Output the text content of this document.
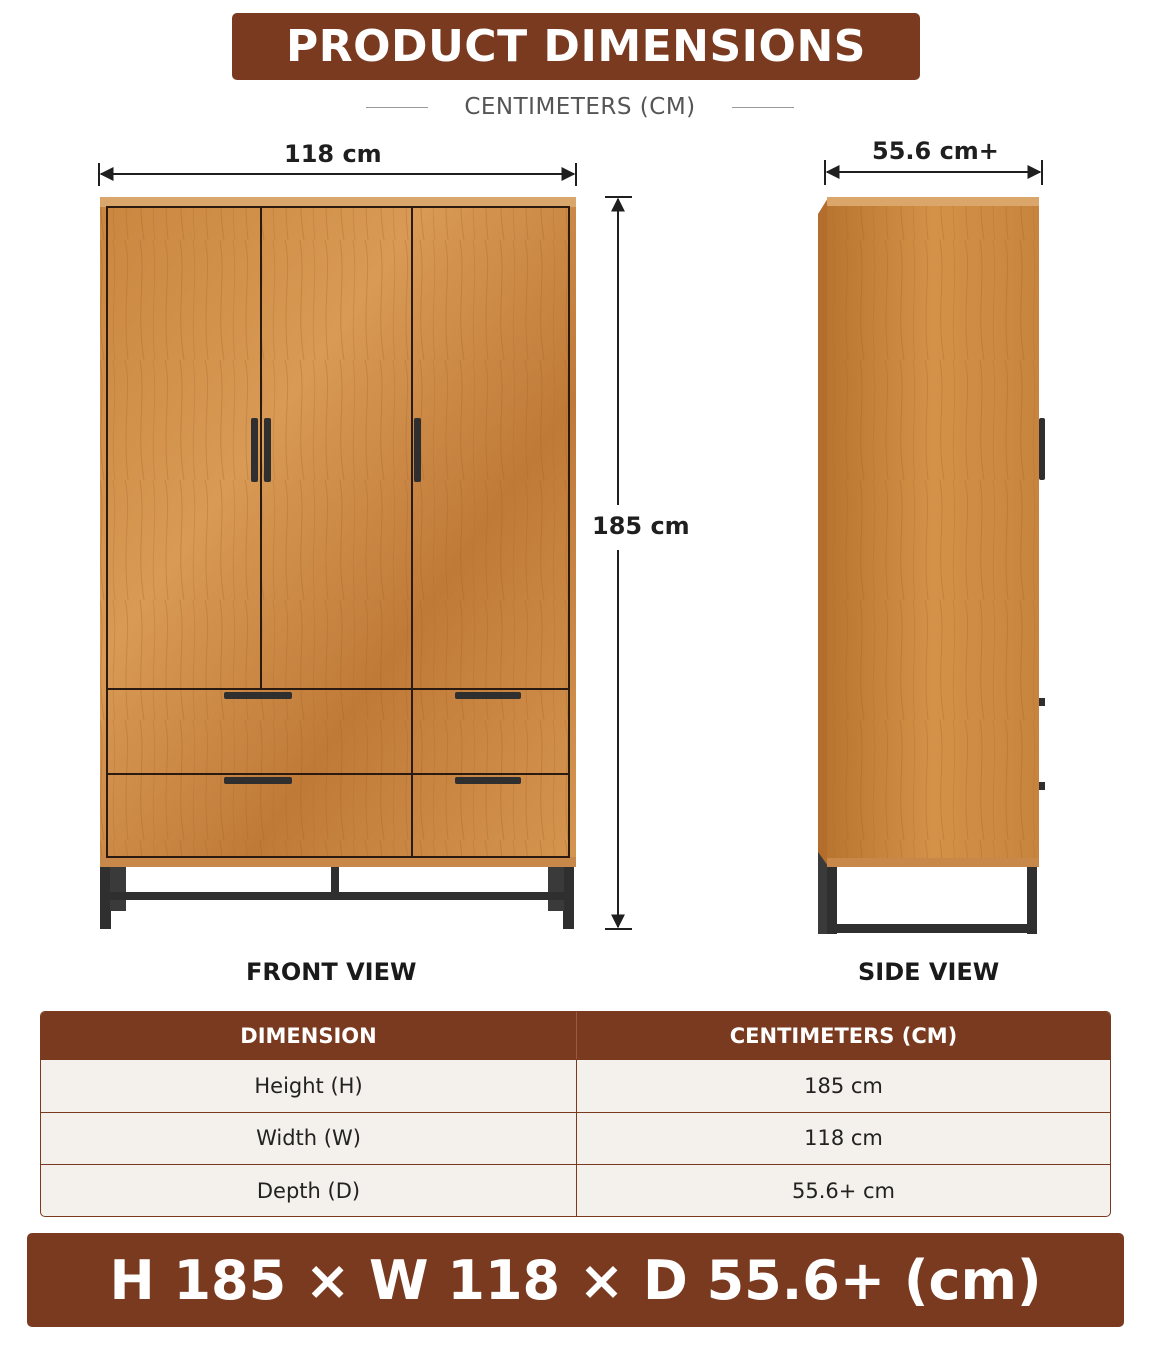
PRODUCT DIMENSIONS
CENTIMETERS (CM)
118 cm
185 cm
55.6 cm+
FRONT VIEW	SIDE VIEW
DIMENSION	CENTIMETERS (CM)
Height (H)	185 cm
Width (W)	118 cm
Depth (D)	55.6+ cm
H 185 × W 118 × D 55.6+ (cm)
